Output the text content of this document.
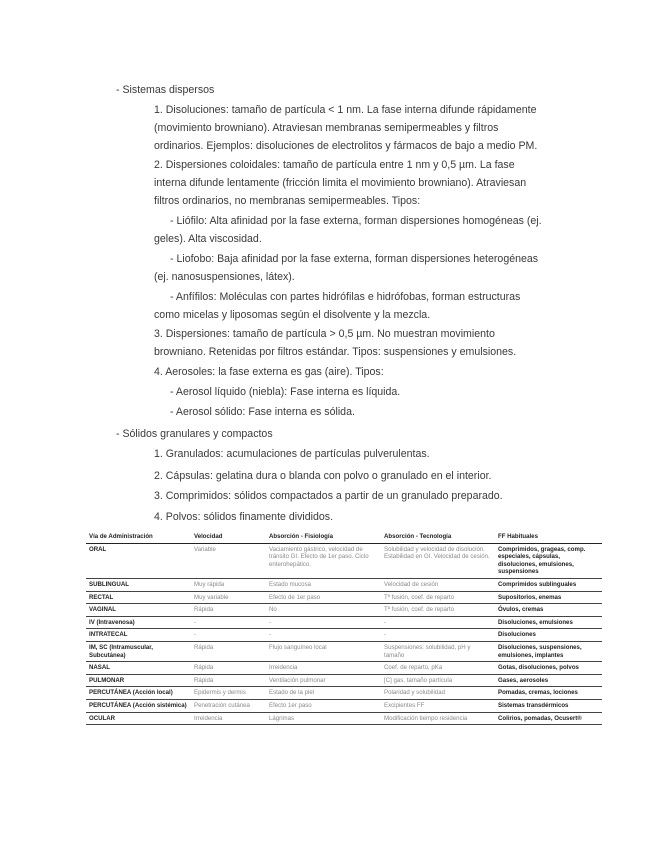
- Sistemas dispersos
1. Disoluciones: tamaño de partícula < 1 nm. La fase interna difunde rápidamente
(movimiento browniano). Atraviesan membranas semipermeables y filtros
ordinarios. Ejemplos: disoluciones de electrolitos y fármacos de bajo a medio PM.
2. Dispersiones coloidales: tamaño de partícula entre 1 nm y 0,5 µm. La fase
interna difunde lentamente (fricción limita el movimiento browniano). Atraviesan
filtros ordinarios, no membranas semipermeables. Tipos:
- Liófilo: Alta afinidad por la fase externa, forman dispersiones homogéneas (ej.
geles). Alta viscosidad.
- Liofobo: Baja afinidad por la fase externa, forman dispersiones heterogéneas
(ej. nanosuspensiones, látex).
- Anfífilos: Moléculas con partes hidrófilas e hidrófobas, forman estructuras
como micelas y liposomas según el disolvente y la mezcla.
3. Dispersiones: tamaño de partícula > 0,5 µm. No muestran movimiento
browniano. Retenidas por filtros estándar. Tipos: suspensiones y emulsiones.
4. Aerosoles: la fase externa es gas (aire). Tipos:
- Aerosol líquido (niebla): Fase interna es líquida.
- Aerosol sólido: Fase interna es sólida.
- Sólidos granulares y compactos
1. Granulados: acumulaciones de partículas pulverulentas.
2. Cápsulas: gelatina dura o blanda con polvo o granulado en el interior.
3. Comprimidos: sólidos compactados a partir de un granulado preparado.
4. Polvos: sólidos finamente divididos.
Vía de Administración	Velocidad	Absorción - Fisiología	Absorción - Tecnología	FF Habituales
ORAL	Variable	Vaciamiento gástrico, velocidad de tránsito GI. Efecto de 1er paso. Ciclo enterohepático.	Solubilidad y velocidad de disolución. Estabilidad en GI. Velocidad de cesión.	Comprimidos, grageas, comp. especiales, cápsulas, disoluciones, emulsiones, suspensiones
SUBLINGUAL	Muy rápida	Estado mucosa	Velocidad de cesión	Comprimidos sublinguales
RECTAL	Muy variable	Efecto de 1er paso	Tª fusión, coef. de reparto	Supositorios, enemas
VAGINAL	Rápida	No	Tª fusión, coef. de reparto	Óvulos, cremas
IV (Intravenosa)	-	-	-	Disoluciones, emulsiones
INTRATECAL	-	-	-	Disoluciones
IM, SC (Intramuscular, Subcutánea)	Rápida	Flujo sanguíneo local	Suspensiones: solubilidad, pH y tamaño	Disoluciones, suspensiones, emulsiones, implantes
NASAL	Rápida	Irreidencia	Coef. de reparto, pKa	Gotas, disoluciones, polvos
PULMONAR	Rápida	Ventilación pulmonar	[C] gas, tamaño partícula	Gases, aerosoles
PERCUTÁNEA (Acción local)	Epidermis y dermis	Estado de la piel	Polaridad y solubilidad	Pomadas, cremas, lociones
PERCUTÁNEA (Acción sistémica)	Penetración cutánea	Efecto 1er paso	Excipientes FF	Sistemas transdérmicos
OCULAR	Irreidencia	Lágrimas	Modificación tiempo residencia	Colirios, pomadas, Ocusert®
